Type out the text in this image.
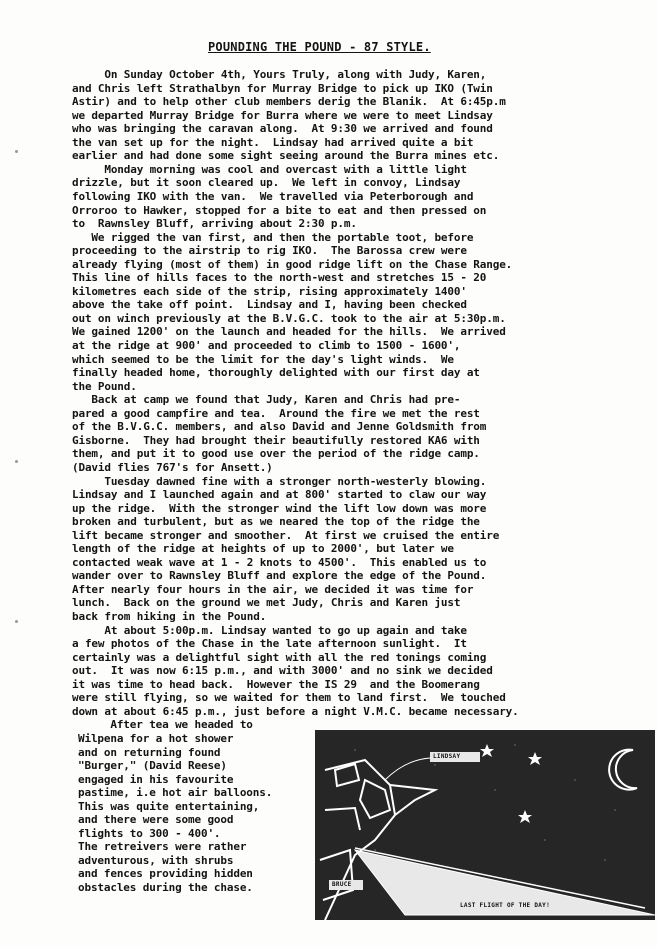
POUNDING THE POUND - 87 STYLE.
On Sunday October 4th, Yours Truly, along with Judy, Karen,
and Chris left Strathalbyn for Murray Bridge to pick up IKO (Twin
Astir) and to help other club members derig the Blanik.  At 6:45p.m
we departed Murray Bridge for Burra where we were to meet Lindsay
who was bringing the caravan along.  At 9:30 we arrived and found
the van set up for the night.  Lindsay had arrived quite a bit
earlier and had done some sight seeing around the Burra mines etc.
Monday morning was cool and overcast with a little light
drizzle, but it soon cleared up.  We left in convoy, Lindsay
following IKO with the van.  We travelled via Peterborough and
Orroroo to Hawker, stopped for a bite to eat and then pressed on
to  Rawnsley Bluff, arriving about 2:30 p.m.
We rigged the van first, and then the portable toot, before
proceeding to the airstrip to rig IKO.  The Barossa crew were
already flying (most of them) in good ridge lift on the Chase Range.
This line of hills faces to the north-west and stretches 15 - 20
kilometres each side of the strip, rising approximately 1400'
above the take off point.  Lindsay and I, having been checked
out on winch previously at the B.V.G.C. took to the air at 5:30p.m.
We gained 1200' on the launch and headed for the hills.  We arrived
at the ridge at 900' and proceeded to climb to 1500 - 1600',
which seemed to be the limit for the day's light winds.  We
finally headed home, thoroughly delighted with our first day at
the Pound.
Back at camp we found that Judy, Karen and Chris had pre-
pared a good campfire and tea.  Around the fire we met the rest
of the B.V.G.C. members, and also David and Jenne Goldsmith from
Gisborne.  They had brought their beautifully restored KA6 with
them, and put it to good use over the period of the ridge camp.
(David flies 767's for Ansett.)
Tuesday dawned fine with a stronger north-westerly blowing.
Lindsay and I launched again and at 800' started to claw our way
up the ridge.  With the stronger wind the lift low down was more
broken and turbulent, but as we neared the top of the ridge the
lift became stronger and smoother.  At first we cruised the entire
length of the ridge at heights of up to 2000', but later we
contacted weak wave at 1 - 2 knots to 4500'.  This enabled us to
wander over to Rawnsley Bluff and explore the edge of the Pound.
After nearly four hours in the air, we decided it was time for
lunch.  Back on the ground we met Judy, Chris and Karen just
back from hiking in the Pound.
At about 5:00p.m. Lindsay wanted to go up again and take
a few photos of the Chase in the late afternoon sunlight.  It
certainly was a delightful sight with all the red tonings coming
out.  It was now 6:15 p.m., and with 3000' and no sink we decided
it was time to head back.  However the IS 29  and the Boomerang
were still flying, so we waited for them to land first.  We touched
down at about 6:45 p.m., just before a night V.M.C. became necessary.
After tea we headed to
Wilpena for a hot shower
and on returning found
"Burger," (David Reese)
engaged in his favourite
pastime, i.e hot air balloons.
This was quite entertaining,
and there were some good
flights to 300 - 400'.
The retreivers were rather
adventurous, with shrubs
and fences providing hidden
obstacles during the chase.
LINDSAY
BRUCE
LAST FLIGHT OF THE DAY!
